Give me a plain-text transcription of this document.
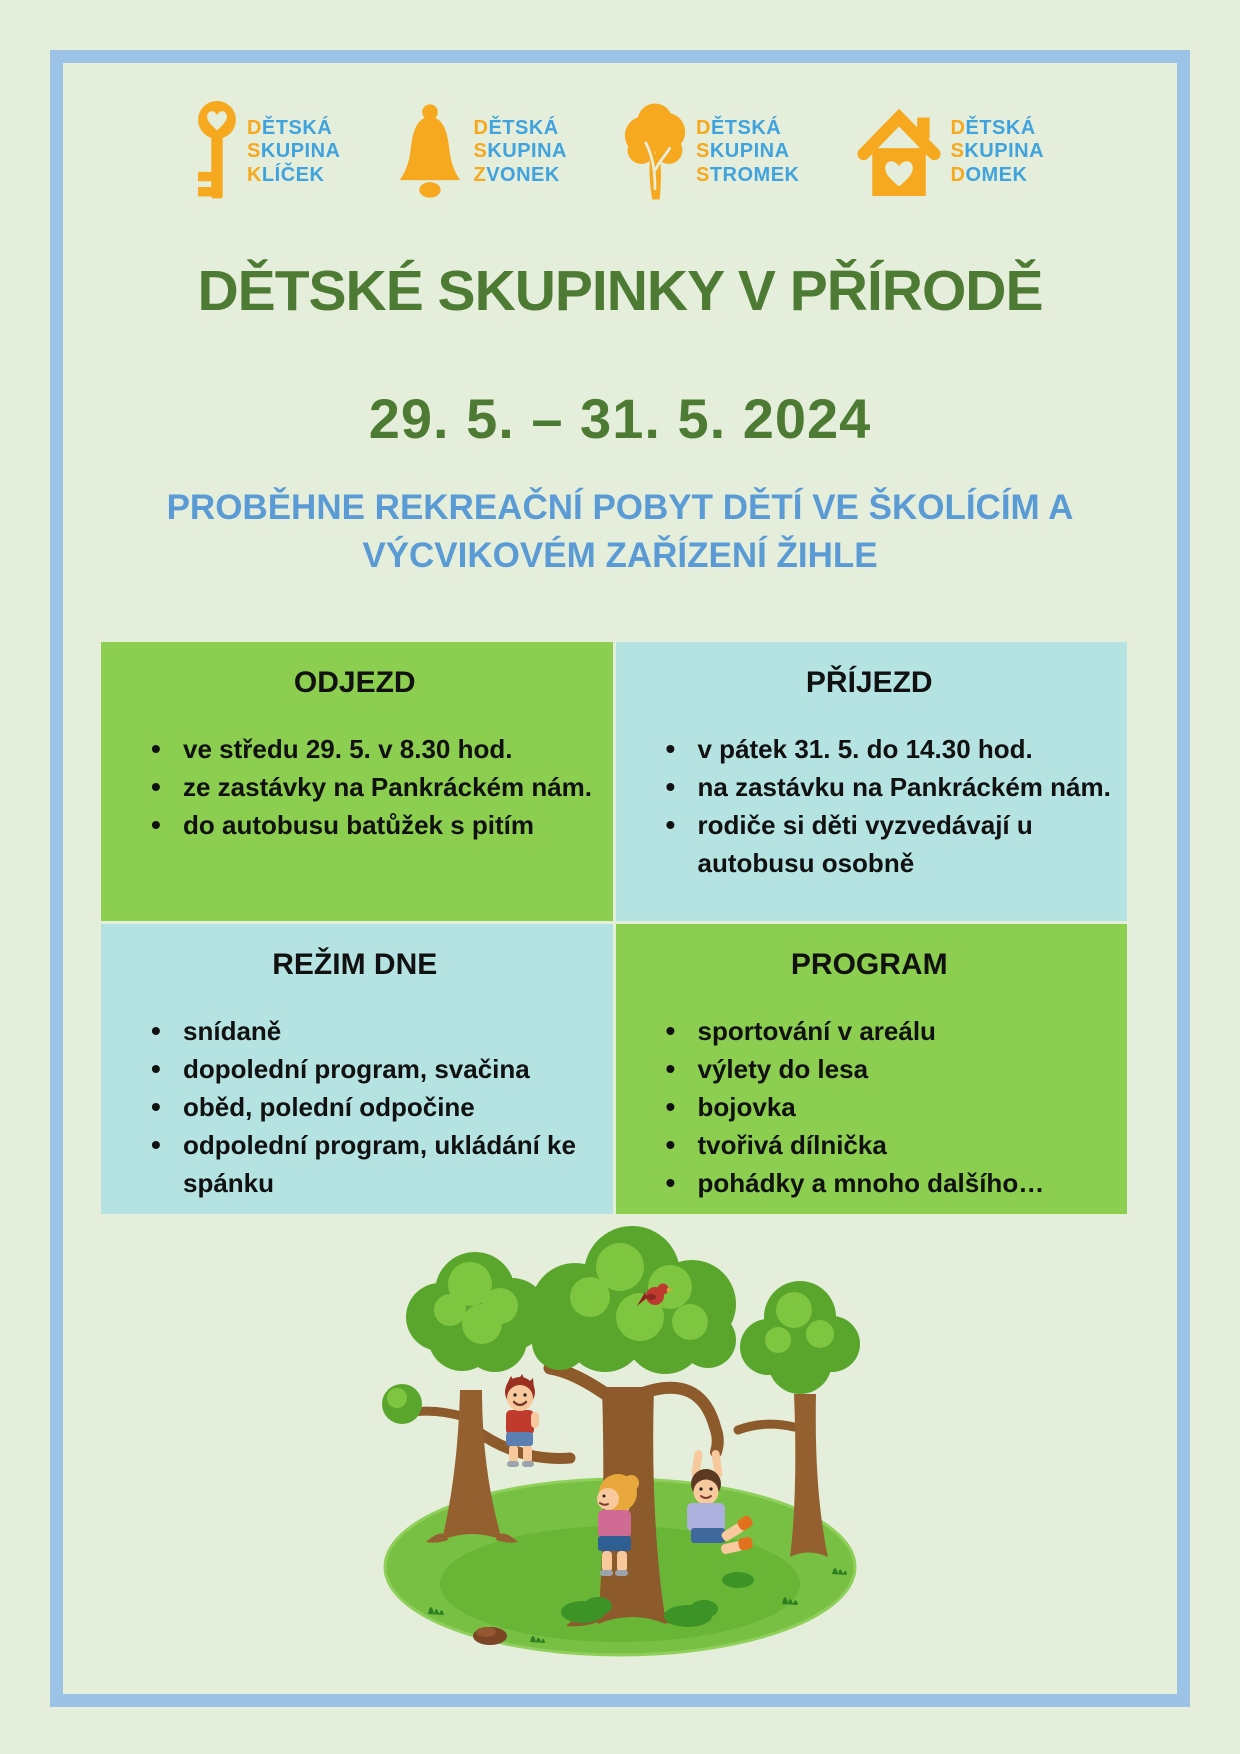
DĚTSKÁ
SKUPINA
KLÍČEK
DĚTSKÁ
SKUPINA
ZVONEK
DĚTSKÁ
SKUPINA
STROMEK
DĚTSKÁ
SKUPINA
DOMEK
DĚTSKÉ SKUPINKY V PŘÍRODĚ
29. 5. – 31. 5. 2024
PROBĚHNE REKREAČNÍ POBYT DĚTÍ VE ŠKOLÍCÍM A
VÝCVIKOVÉM ZAŘÍZENÍ ŽIHLE
ODJEZD
• ve středu 29. 5. v 8.30 hod.
• ze zastávky na Pankráckém nám.
• do autobusu batůžek s pitím
PŘÍJEZD
• v pátek 31. 5. do 14.30 hod.
• na zastávku na Pankráckém nám.
• rodiče si děti vyzvedávají u autobusu osobně
REŽIM DNE
• snídaně
• dopolední program, svačina
• oběd, polední odpočine
• odpolední program, ukládání ke spánku
PROGRAM
• sportování v areálu
• výlety do lesa
• bojovka
• tvořivá dílnička
• pohádky a mnoho dalšího…
